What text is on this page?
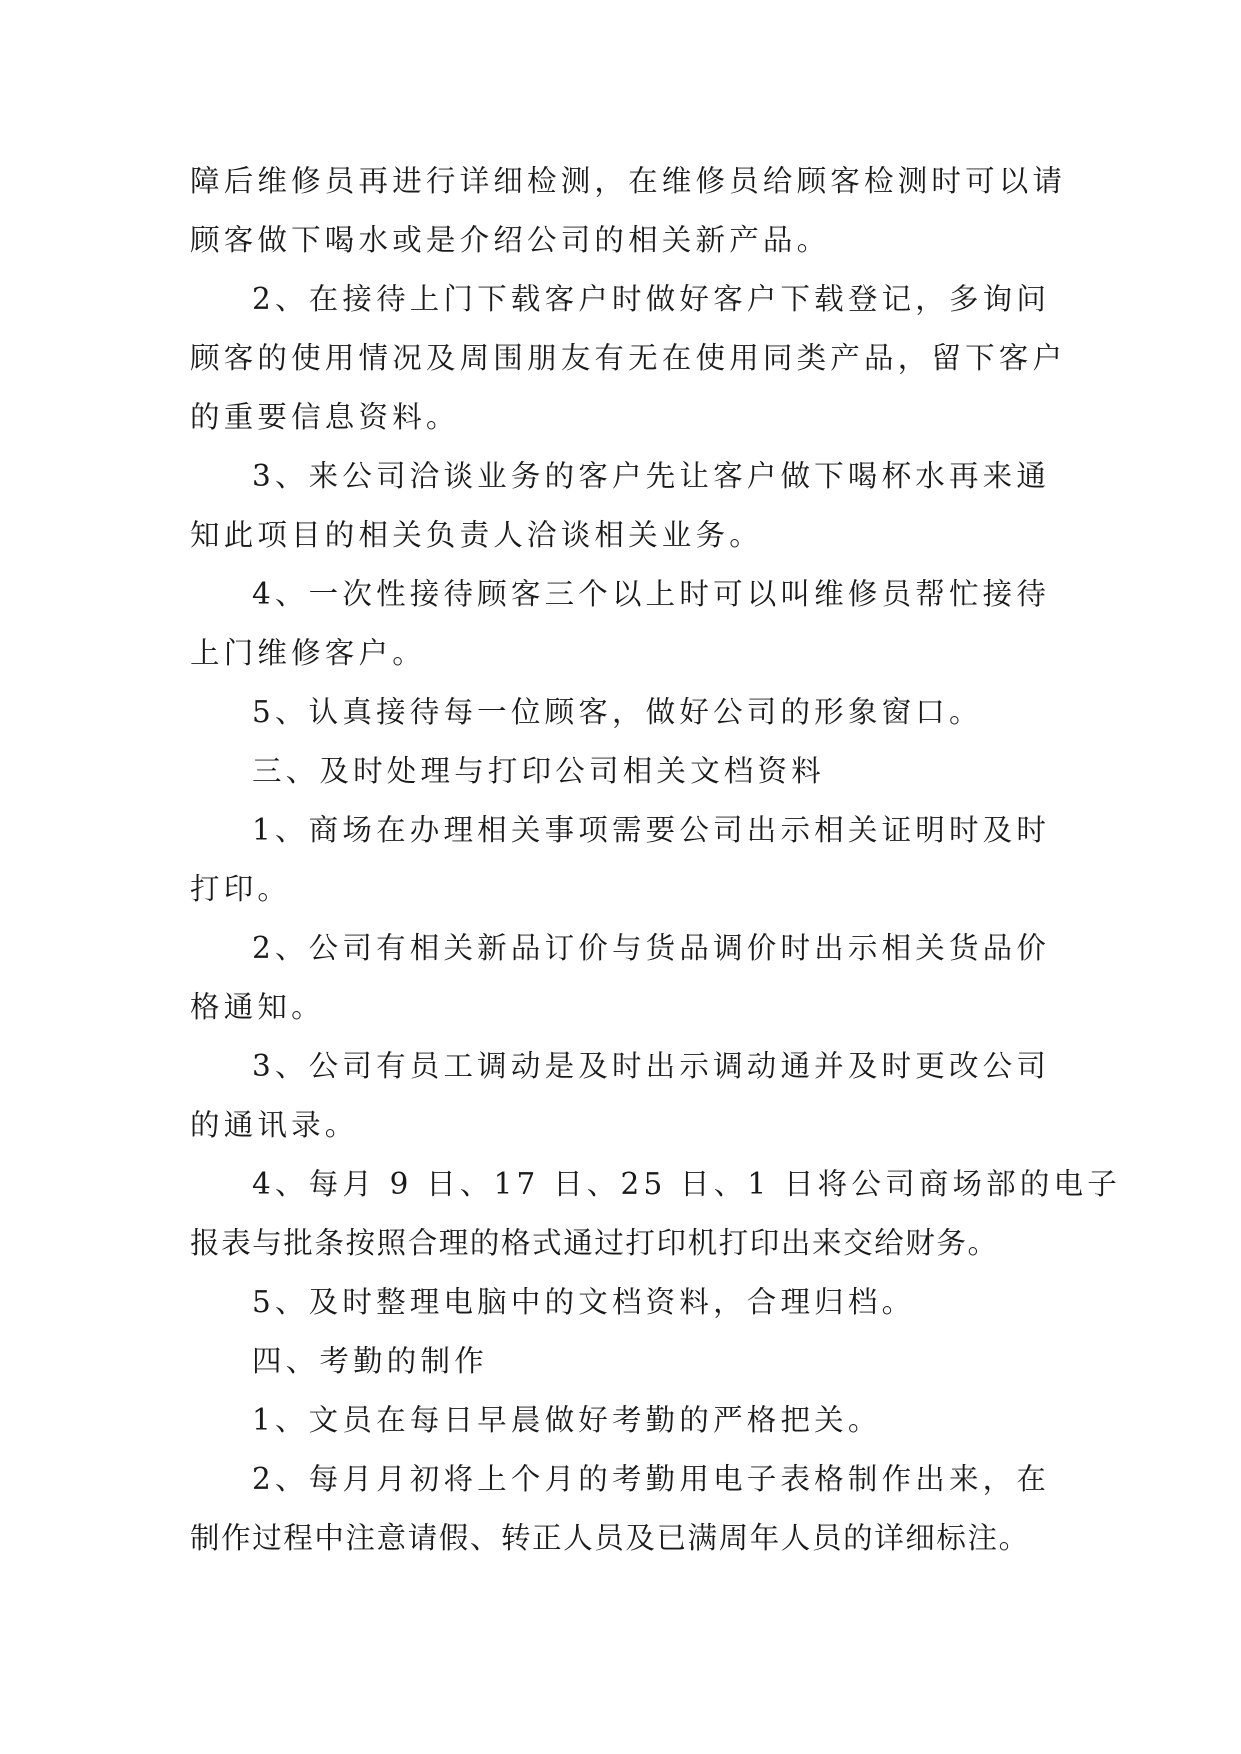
障后维修员再进行详细检测，在维修员给顾客检测时可以请
顾客做下喝水或是介绍公司的相关新产品。
2、在接待上门下载客户时做好客户下载登记，多询问
顾客的使用情况及周围朋友有无在使用同类产品，留下客户
的重要信息资料。
3、来公司洽谈业务的客户先让客户做下喝杯水再来通
知此项目的相关负责人洽谈相关业务。
4、一次性接待顾客三个以上时可以叫维修员帮忙接待
上门维修客户。
5、认真接待每一位顾客，做好公司的形象窗口。
三、及时处理与打印公司相关文档资料
1、商场在办理相关事项需要公司出示相关证明时及时
打印。
2、公司有相关新品订价与货品调价时出示相关货品价
格通知。
3、公司有员工调动是及时出示调动通并及时更改公司
的通讯录。
4、每月 9 日、17 日、25 日、1 日将公司商场部的电子
报表与批条按照合理的格式通过打印机打印出来交给财务。
5、及时整理电脑中的文档资料，合理归档。
四、考勤的制作
1、文员在每日早晨做好考勤的严格把关。
2、每月月初将上个月的考勤用电子表格制作出来，在
制作过程中注意请假、转正人员及已满周年人员的详细标注。
